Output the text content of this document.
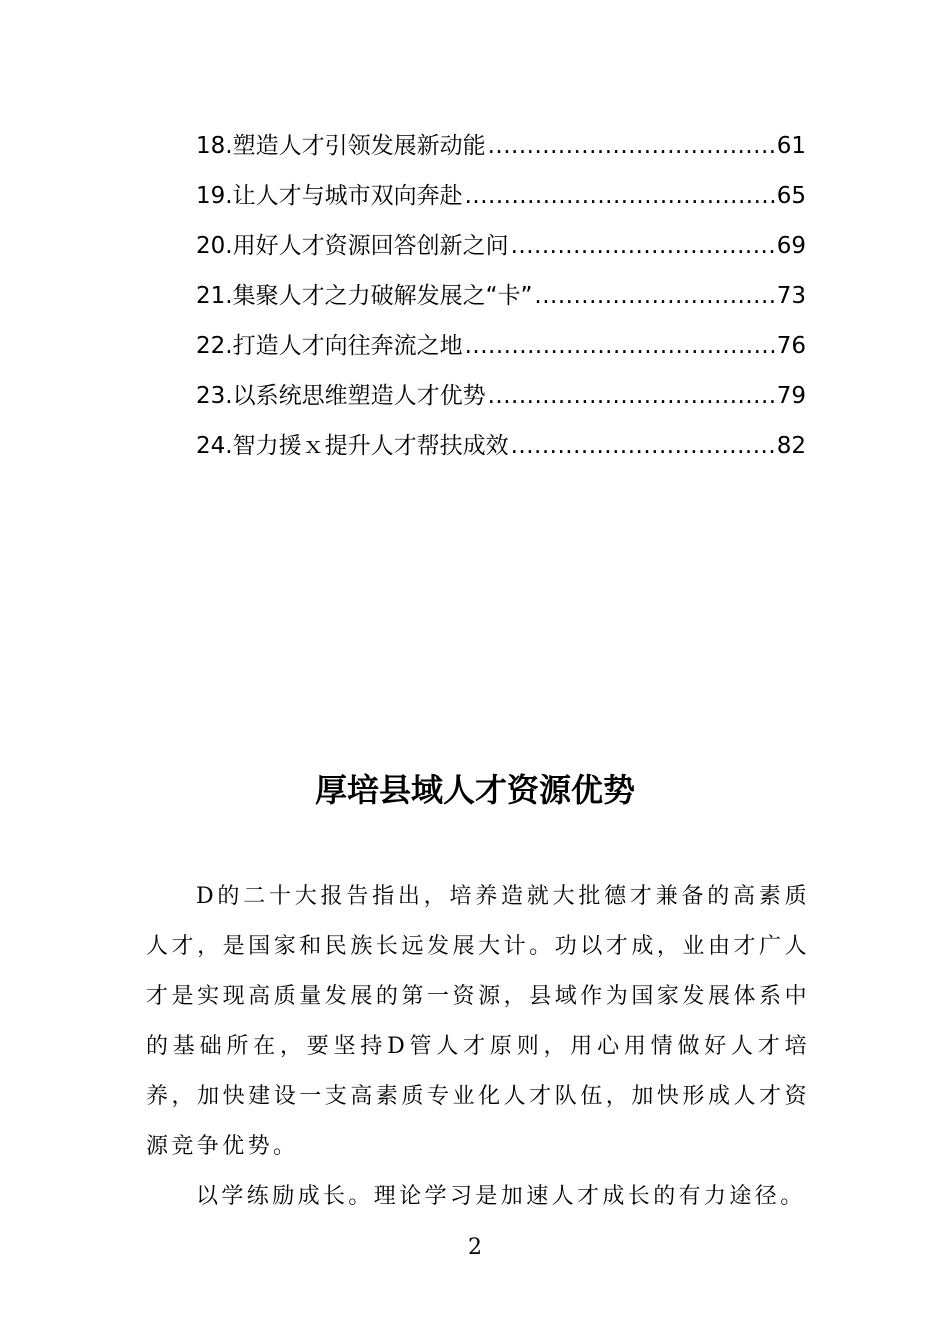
18.塑造人才引领发展新动能 .....	61
19.让人才与城市双向奔赴 .....	65
20.用好人才资源回答创新之问 .....	69
21.集聚人才之力破解发展之“卡” .....	73
22.打造人才向往奔流之地 .....	76
23.以系统思维塑造人才优势 .....	79
24.智力援ｘ提升人才帮扶成效 .....	82
厚培县域人才资源优势

D的二十大报告指出，培养造就大批德才兼备的高素质人才，是国家和民族长远发展大计。功以才成，业由才广人才是实现高质量发展的第一资源，县域作为国家发展体系中的基础所在，要坚持D管人才原则，用心用情做好人才培养，加快建设一支高素质专业化人才队伍，加快形成人才资源竞争优势。

以学练励成长。理论学习是加速人才成长的有力途径。

2
